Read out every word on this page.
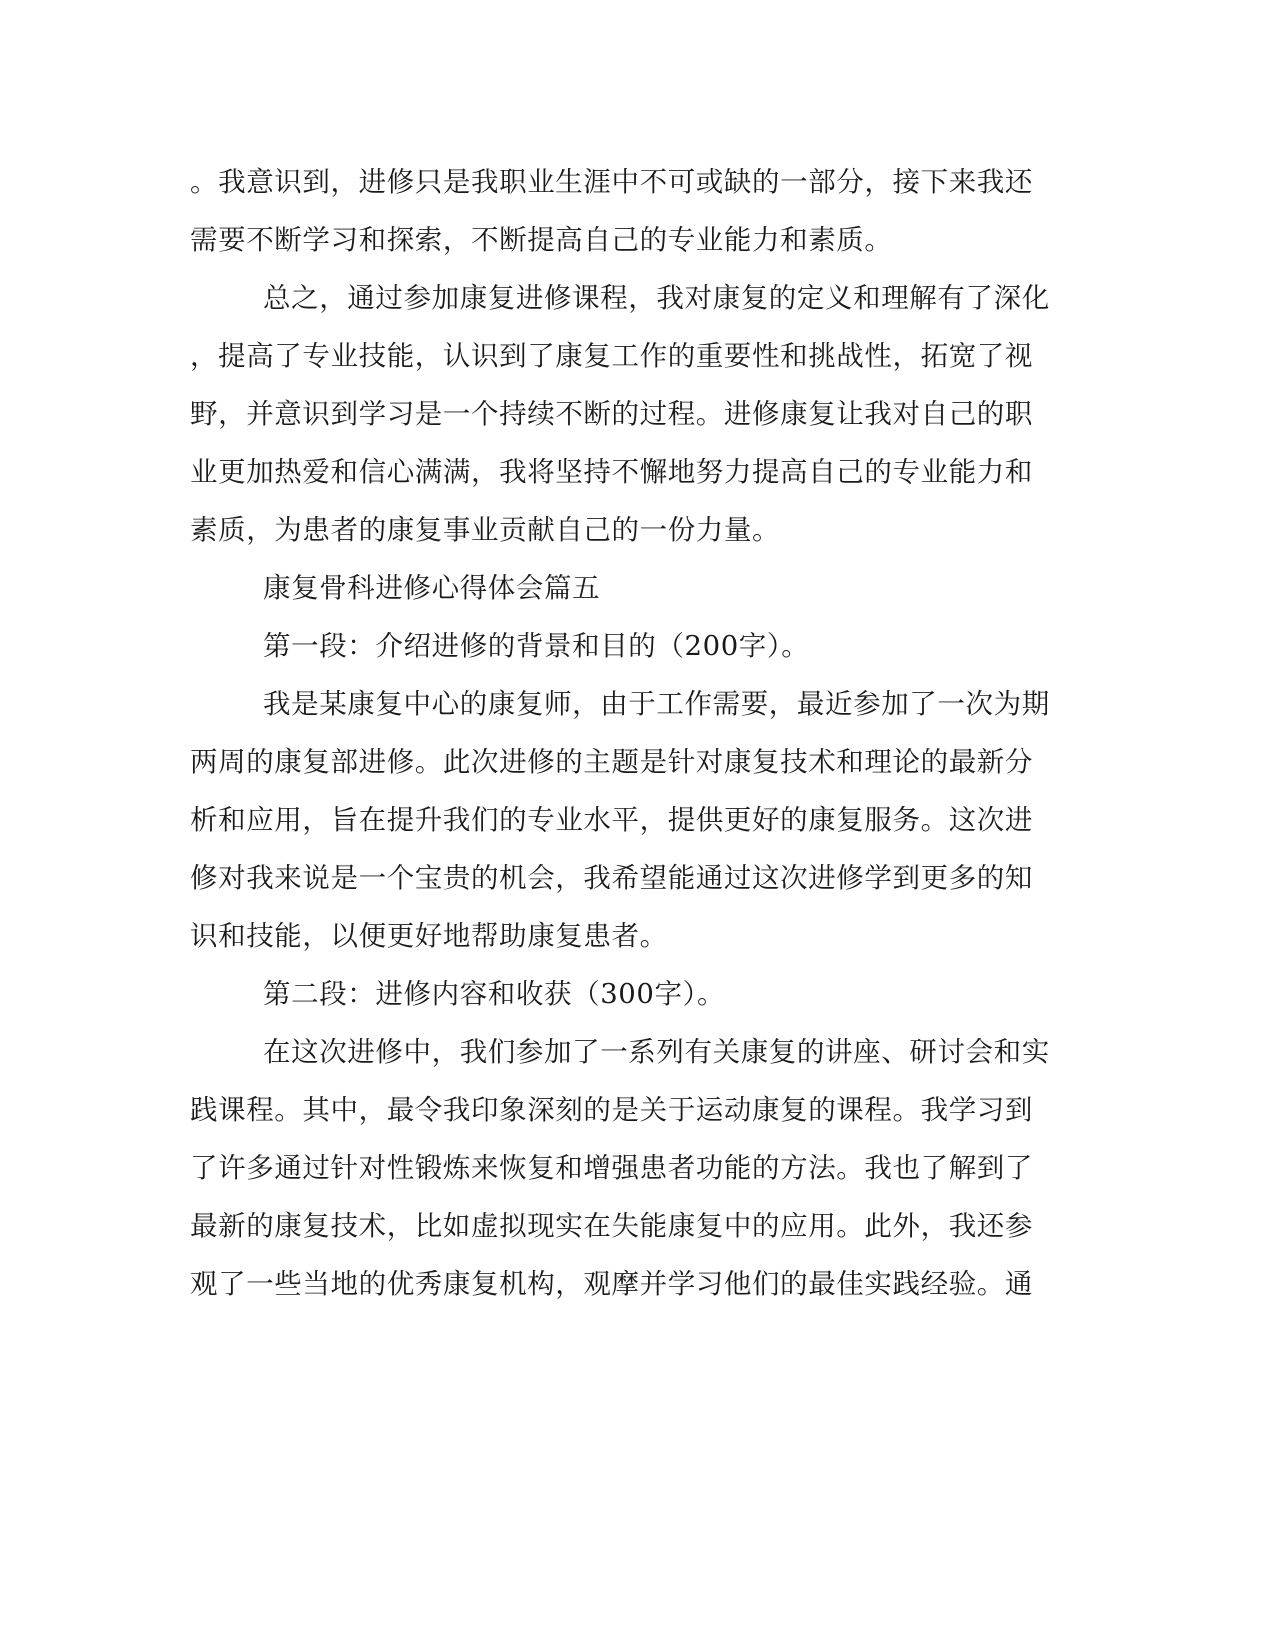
。我意识到，进修只是我职业生涯中不可或缺的一部分，接下来我还

需要不断学习和探索，不断提高自己的专业能力和素质。

总之，通过参加康复进修课程，我对康复的定义和理解有了深化

，提高了专业技能，认识到了康复工作的重要性和挑战性，拓宽了视

野，并意识到学习是一个持续不断的过程。进修康复让我对自己的职

业更加热爱和信心满满，我将坚持不懈地努力提高自己的专业能力和

素质，为患者的康复事业贡献自己的一份力量。

康复骨科进修心得体会篇五

第一段：介绍进修的背景和目的（200字）。

我是某康复中心的康复师，由于工作需要，最近参加了一次为期

两周的康复部进修。此次进修的主题是针对康复技术和理论的最新分

析和应用，旨在提升我们的专业水平，提供更好的康复服务。这次进

修对我来说是一个宝贵的机会，我希望能通过这次进修学到更多的知

识和技能，以便更好地帮助康复患者。

第二段：进修内容和收获（300字）。

在这次进修中，我们参加了一系列有关康复的讲座、研讨会和实

践课程。其中，最令我印象深刻的是关于运动康复的课程。我学习到

了许多通过针对性锻炼来恢复和增强患者功能的方法。我也了解到了

最新的康复技术，比如虚拟现实在失能康复中的应用。此外，我还参

观了一些当地的优秀康复机构，观摩并学习他们的最佳实践经验。通
